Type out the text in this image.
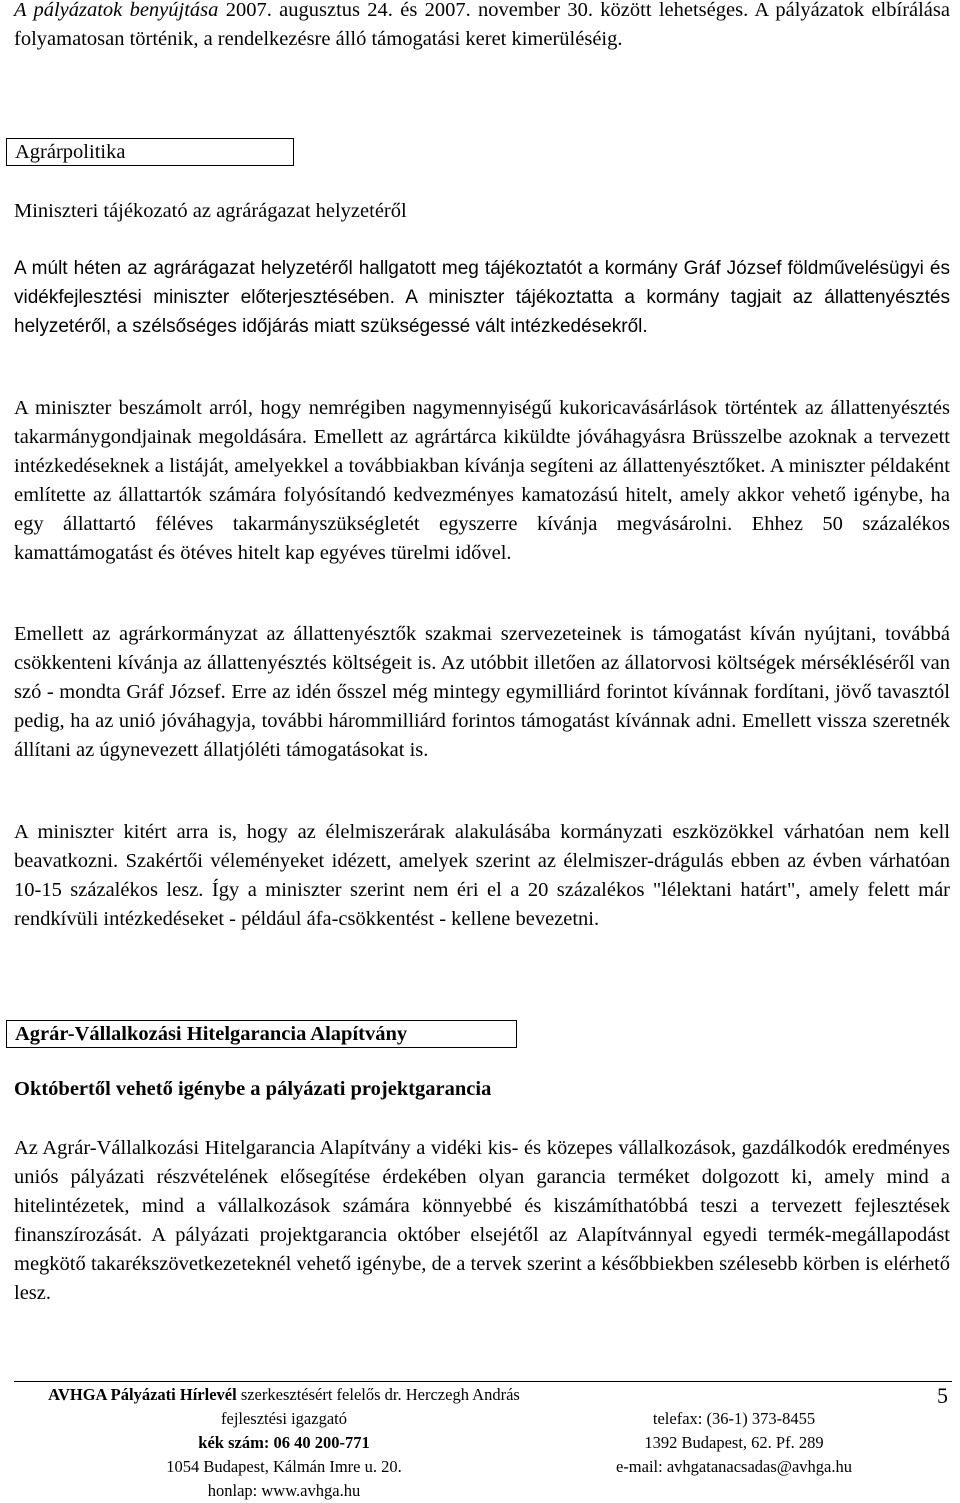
A pályázatok benyújtása 2007. augusztus 24. és 2007. november 30. között lehetséges. A pályázatok elbírálása folyamatosan történik, a rendelkezésre álló támogatási keret kimerüléséig.

Agrárpolitika
Miniszteri tájékozató az agrárágazat helyzetéről

A múlt héten az agrárágazat helyzetéről hallgatott meg tájékoztatót a kormány Gráf József földművelésügyi és vidékfejlesztési miniszter előterjesztésében. A miniszter tájékoztatta a kormány tagjait az állattenyésztés helyzetéről, a szélsőséges időjárás miatt szükségessé vált intézkedésekről.

A miniszter beszámolt arról, hogy nemrégiben nagymennyiségű kukoricavásárlások történtek az állattenyésztés takarmánygondjainak megoldására. Emellett az agrártárca kiküldte jóváhagyásra Brüsszelbe azoknak a tervezett intézkedéseknek a listáját, amelyekkel a továbbiakban kívánja segíteni az állattenyésztőket. A miniszter példaként említette az állattartók számára folyósítandó kedvezményes kamatozású hitelt, amely akkor vehető igénybe, ha egy állattartó féléves takarmányszükségletét egyszerre kívánja megvásárolni. Ehhez 50 százalékos kamattámogatást és ötéves hitelt kap egyéves türelmi idővel.

Emellett az agrárkormányzat az állattenyésztők szakmai szervezeteinek is támogatást kíván nyújtani, továbbá csökkenteni kívánja az állattenyésztés költségeit is. Az utóbbit illetően az állatorvosi költségek mérsékléséről van szó - mondta Gráf József. Erre az idén ősszel még mintegy egymilliárd forintot kívánnak fordítani, jövő tavasztól pedig, ha az unió jóváhagyja, további hárommilliárd forintos támogatást kívánnak adni. Emellett vissza szeretnék állítani az úgynevezett állatjóléti támogatásokat is.

A miniszter kitért arra is, hogy az élelmiszerárak alakulásába kormányzati eszközökkel várhatóan nem kell beavatkozni. Szakértői véleményeket idézett, amelyek szerint az élelmiszer-drágulás ebben az évben várhatóan 10-15 százalékos lesz. Így a miniszter szerint nem éri el a 20 százalékos "lélektani határt", amely felett már rendkívüli intézkedéseket - például áfa-csökkentést - kellene bevezetni.

Agrár-Vállalkozási Hitelgarancia Alapítvány
Októbertől vehető igénybe a pályázati projektgarancia

Az Agrár-Vállalkozási Hitelgarancia Alapítvány a vidéki kis- és közepes vállalkozások, gazdálkodók eredményes uniós pályázati részvételének elősegítése érdekében olyan garancia terméket dolgozott ki, amely mind a hitelintézetek, mind a vállalkozások számára könnyebbé és kiszámíthatóbbá teszi a tervezett fejlesztések finanszírozását. A pályázati projektgarancia október elsejétől az Alapítvánnyal egyedi termék-megállapodást megkötő takarékszövetkezeteknél vehető igénybe, de a tervek szerint a későbbiekben szélesebb körben is elérhető lesz.

AVHGA Pályázati Hírlevél szerkesztésért felelős dr. Herczegh András fejlesztési igazgató
kék szám: 06 40 200-771
1054 Budapest, Kálmán Imre u. 20.
honlap: www.avhga.hu
telefax: (36-1) 373-8455
1392 Budapest, 62. Pf. 289
e-mail: avhgatanacsadas@avhga.hu
5
